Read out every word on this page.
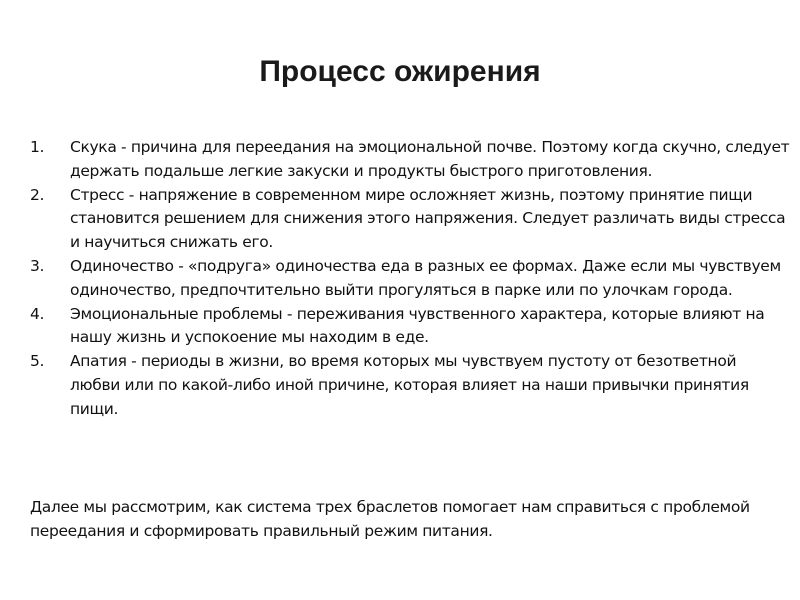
Процесс ожирения
1.	Скука - причина для переедания на эмоциональной почве. Поэтому когда скучно, следует держать подальше легкие закуски и продукты быстрого приготовления.
2.	Стресс - напряжение в современном мире осложняет жизнь, поэтому принятие пищи становится решением для снижения этого напряжения. Следует различать виды стресса и научиться снижать его.
3.	Одиночество - «подруга» одиночества еда в разных ее формах. Даже если мы чувствуем одиночество, предпочтительно выйти прогуляться в парке или по улочкам города.
4.	Эмоциональные проблемы - переживания чувственного характера, которые влияют на нашу жизнь и успокоение мы находим в еде.
5.	Апатия - периоды в жизни, во время которых мы чувствуем пустоту от безответной любви или по какой-либо иной причине, которая влияет на наши привычки принятия пищи.

Далее мы рассмотрим, как система трех браслетов помогает нам справиться с проблемой переедания и сформировать правильный режим питания.
